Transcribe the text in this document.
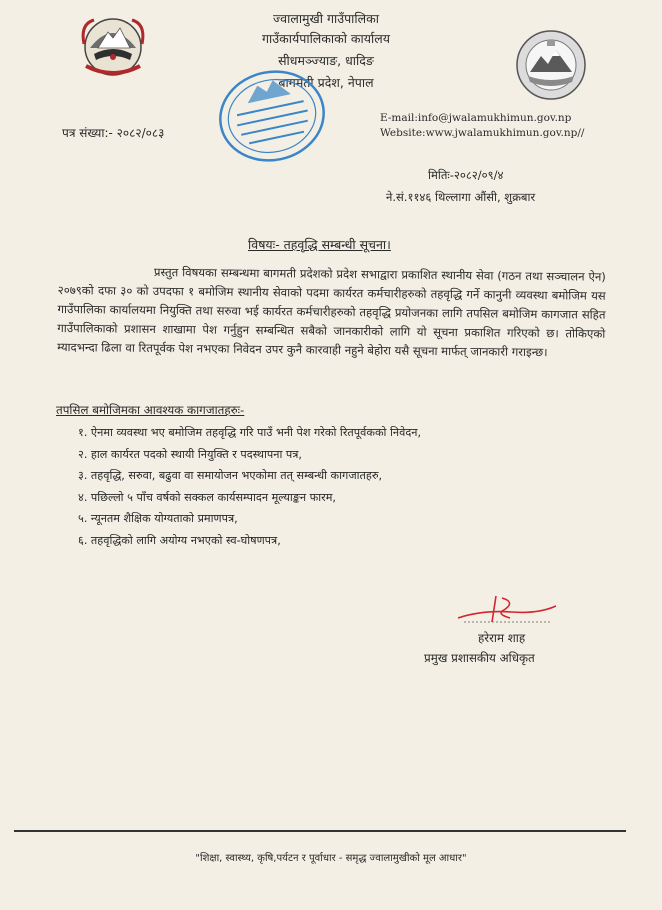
ज्वालामुखी गाउँपालिका
गाउँकार्यपालिकाको कार्यालय
सीधमञ्ज्याङ, धादिङ
बागमती प्रदेश, नेपाल
पत्र संख्या:- २०८२/०८३
E-mail:info@jwalamukhimun.gov.np
Website:www.jwalamukhimun.gov.np//
मितिः-२०८२/०९/४
ने.सं.११४६ थिल्लागा औंसी, शुक्रबार
विषयः- तहवृद्धि सम्बन्धी सूचना।
प्रस्तुत विषयका सम्बन्धमा बागमती प्रदेशको प्रदेश सभाद्वारा प्रकाशित स्थानीय सेवा (गठन तथा सञ्चालन ऐन) २०७९को दफा ३० को उपदफा १ बमोजिम स्थानीय सेवाको पदमा कार्यरत कर्मचारीहरुको तहवृद्धि गर्ने कानुनी व्यवस्था बमोजिम यस गाउँपालिका कार्यालयमा नियुक्ति तथा सरुवा भई कार्यरत कर्मचारीहरुको तहवृद्धि प्रयोजनका लागि तपसिल बमोजिम कागजात सहित गाउँपालिकाको प्रशासन शाखामा पेश गर्नुहुन सम्बन्धित सबैको जानकारीको लागि यो सूचना प्रकाशित गरिएको छ। तोकिएको म्यादभन्दा ढिला वा रितपूर्वक पेश नभएका निवेदन उपर कुनै कारवाही नहुने बेहोरा यसै सूचना मार्फत् जानकारी गराइन्छ।
तपसिल बमोजिमका आवश्यक कागजातहरुः-
१. ऐनमा व्यवस्था भए बमोजिम तहवृद्धि गरि पाउँ भनी पेश गरेको रितपूर्वकको निवेदन,
२. हाल कार्यरत पदको स्थायी नियुक्ति र पदस्थापना पत्र,
३. तहवृद्धि, सरुवा, बढुवा वा समायोजन भएकोमा तत् सम्बन्धी कागजातहरु,
४. पछिल्लो ५ पाँच वर्षको सक्कल कार्यसम्पादन मूल्याङ्कन फारम,
५. न्यूनतम शैक्षिक योग्यताको प्रमाणपत्र,
६. तहवृद्धिको लागि अयोग्य नभएको स्व-घोषणपत्र,
हरेराम शाह
प्रमुख प्रशासकीय अधिकृत
"शिक्षा, स्वास्थ्य, कृषि,पर्यटन र पूर्वाधार - समृद्ध ज्वालामुखीको मूल आधार"
